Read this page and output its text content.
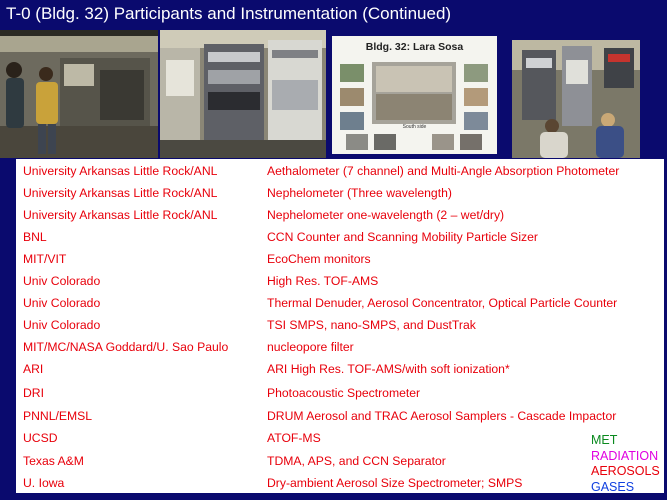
T-0 (Bldg. 32) Participants and Instrumentation (Continued)
Bldg. 32: Lara Sosa
South side
University Arkansas Little Rock/ANL	Aethalometer (7 channel) and Multi-Angle Absorption Photometer
University Arkansas Little Rock/ANL	Nephelometer (Three wavelength)
University Arkansas Little Rock/ANL	Nephelometer one-wavelength (2 – wet/dry)
BNL	CCN Counter and Scanning Mobility Particle Sizer
MIT/VIT	EcoChem monitors
Univ Colorado	High Res. TOF-AMS
Univ Colorado	Thermal Denuder, Aerosol Concentrator, Optical Particle Counter
Univ Colorado	TSI SMPS, nano-SMPS, and DustTrak
MIT/MC/NASA Goddard/U. Sao Paulo	nucleopore filter
ARI	ARI High Res. TOF-AMS/with soft ionization*
DRI	Photoacoustic Spectrometer
PNNL/EMSL	DRUM Aerosol and TRAC Aerosol Samplers - Cascade Impactor
UCSD	ATOF-MS
Texas A&M	TDMA, APS, and CCN Separator
U. Iowa	Dry-ambient Aerosol Size Spectrometer; SMPS
MET
RADIATION
AEROSOLS
GASES
